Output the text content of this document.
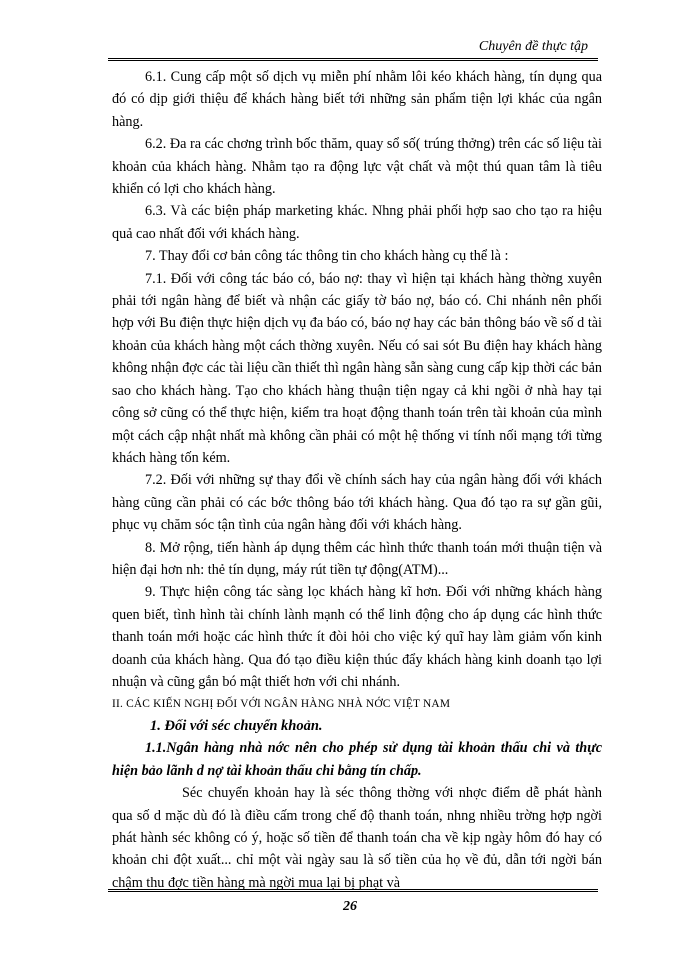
Chuyên đề thực tập

6.1. Cung cấp một số dịch vụ miễn phí nhằm lôi kéo khách hàng, tín dụng qua đó có dịp giới thiệu để khách hàng biết tới những sản phẩm tiện lợi khác của ngân hàng.

6.2. Đa ra các chơng trình bốc thăm, quay sổ số( trúng thởng) trên các số liệu tài khoản của khách hàng. Nhằm tạo ra động lực vật chất và một thú quan tâm là tiêu khiển có lợi cho khách hàng.

6.3. Và các biện pháp marketing khác. Nhng phải phối hợp sao cho tạo ra hiệu quả cao nhất đối với khách hàng.

7. Thay đổi cơ bản công tác thông tin cho khách hàng cụ thể là :

7.1. Đối với công tác báo có, báo nợ: thay vì hiện tại khách hàng thờng xuyên phải tới ngân hàng để biết và nhận các giấy tờ báo nợ, báo có. Chi nhánh nên phối hợp với Bu điện thực hiện dịch vụ đa báo có, báo nợ hay các bản thông báo về số d tài khoản của khách hàng một cách thờng xuyên. Nếu có sai sót Bu điện hay khách hàng không nhận đợc các tài liệu cần thiết thì ngân hàng sẵn sàng cung cấp kịp thời các bản sao cho khách hàng. Tạo cho khách hàng thuận tiện ngay cả khi ngồi ở nhà hay tại công sở cũng có thể thực hiện, kiểm tra hoạt động thanh toán trên tài khoản của mình một cách cập nhật nhất mà không cần phải có một hệ thống vi tính nối mạng tới từng khách hàng tốn kém.

7.2. Đối với những sự thay đổi về chính sách hay của ngân hàng đối với khách hàng cũng cần phải có các bớc thông báo tới khách hàng. Qua đó tạo ra sự gần gũi, phục vụ chăm sóc tận tình của ngân hàng đối với khách hàng.

8. Mở rộng, tiến hành áp dụng thêm các hình thức thanh toán mới thuận tiện và hiện đại hơn nh: thẻ tín dụng, máy rút tiền tự động(ATM)...

9. Thực hiện công tác sàng lọc khách hàng kĩ hơn. Đối với những khách hàng quen biết, tình hình tài chính lành mạnh có thể linh động cho áp dụng các hình thức thanh toán mới hoặc các hình thức ít đòi hỏi cho việc ký quĩ hay làm giảm vốn kinh doanh của khách hàng. Qua đó tạo điều kiện thúc đẩy khách hàng kinh doanh tạo lợi nhuận và cũng gắn bó mật thiết hơn với chi nhánh.

II. CÁC KIẾN NGHỊ ĐỐI VỚI NGÂN HÀNG NHÀ NỚC VIỆT NAM

1. Đối với séc chuyển khoản.

1.1.Ngân hàng nhà nớc nên cho phép sử dụng tài khoản thấu chi và thực hiện bảo lãnh d nợ tài khoản thấu chi bằng tín chấp.

Séc chuyển khoản hay là séc thông thờng với nhợc điểm dễ phát hành qua số d mặc dù đó là điều cấm trong chế độ thanh toán, nhng nhiều trờng hợp ngời phát hành séc không có ý, hoặc số tiền để thanh toán cha về kịp ngày hôm đó hay có khoản chi đột xuất... chỉ một vài ngày sau là số tiền của họ về đủ, dẫn tới ngời bán chậm thu đợc tiền hàng mà ngời mua lại bị phạt và

26
